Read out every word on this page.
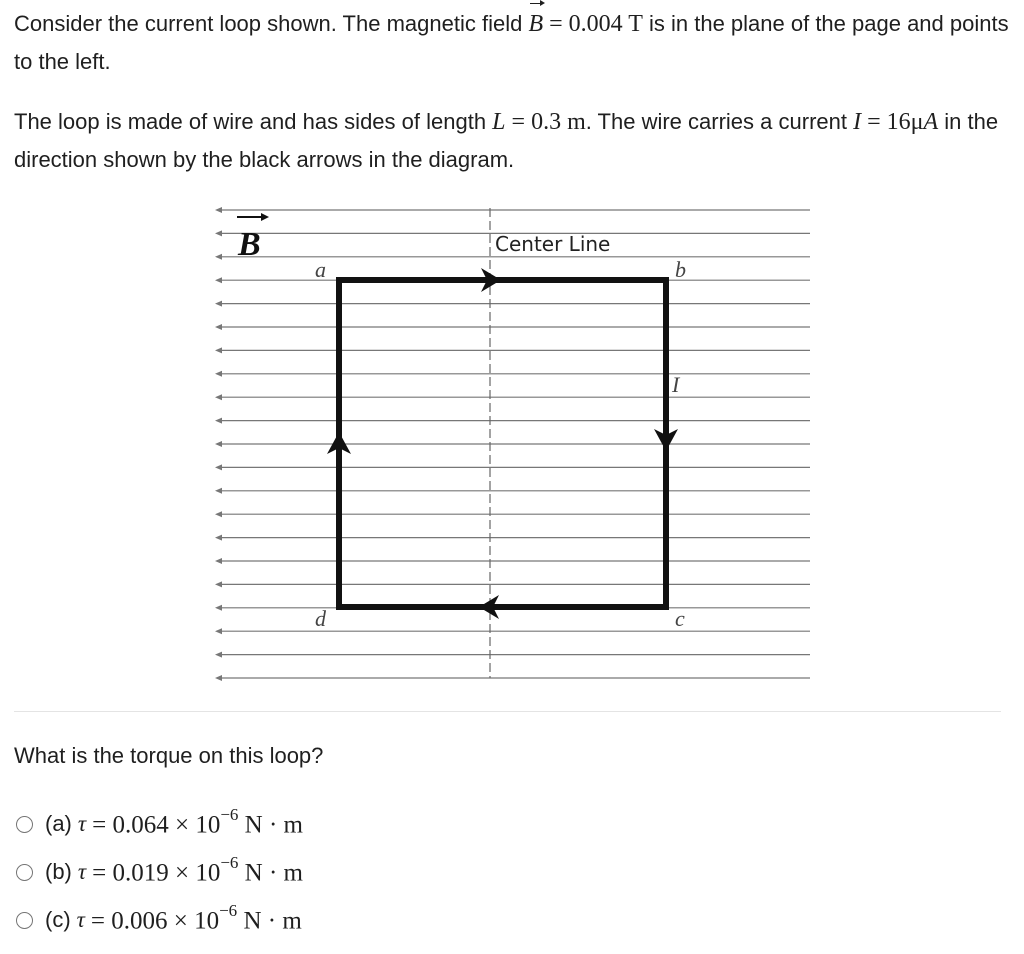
Consider the current loop shown. The magnetic field B = 0.004 T is in the plane of the page and points to the left.

The loop is made of wire and has sides of length L = 0.3 m. The wire carries a current I = 16μA in the direction shown by the black arrows in the diagram.

B	Center Line
a	b
c
d
I
What is the torque on this loop?
(a) $\tau = 0.064 \times 10^{-6}$ N · m
(b) $\tau = 0.019 \times 10^{-6}$ N · m
(c) $\tau = 0.006 \times 10^{-6}$ N · m
